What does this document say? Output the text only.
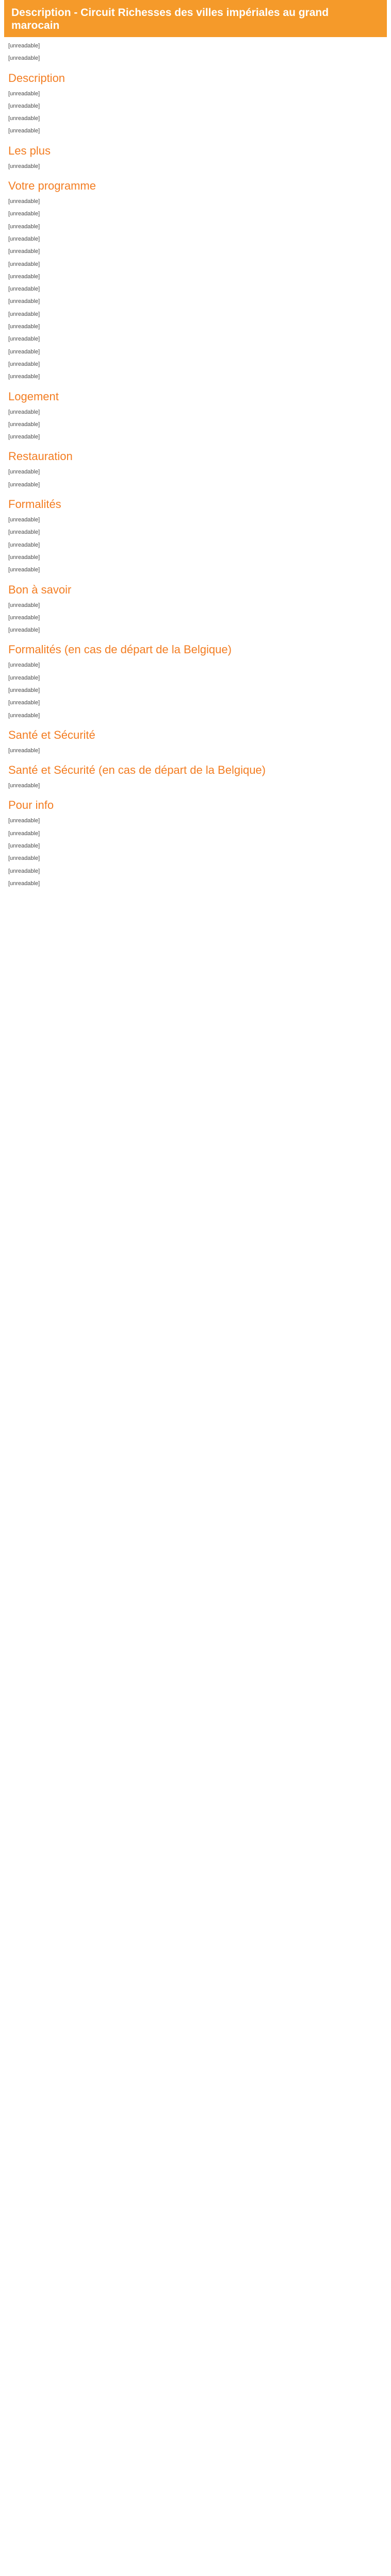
Description - Circuit Richesses des villes impériales au grand marocain
[unreadable]
[unreadable]
Description
[unreadable]
[unreadable]
[unreadable]
[unreadable]
Les plus
[unreadable]
Votre programme
[unreadable]
[unreadable]
[unreadable]
[unreadable]
[unreadable]
[unreadable]
[unreadable]
[unreadable]
[unreadable]
[unreadable]
[unreadable]
[unreadable]
[unreadable]
[unreadable]
[unreadable]
Logement
[unreadable]
[unreadable]
[unreadable]
Restauration
[unreadable]
[unreadable]
Formalités
[unreadable]
[unreadable]
[unreadable]
[unreadable]
[unreadable]
Bon à savoir
[unreadable]
[unreadable]
[unreadable]
Formalités (en cas de départ de la Belgique)
[unreadable]
[unreadable]
[unreadable]
[unreadable]
[unreadable]
Santé et Sécurité
[unreadable]
Santé et Sécurité (en cas de départ de la Belgique)
[unreadable]
Pour info
[unreadable]
[unreadable]
[unreadable]
[unreadable]
[unreadable]
[unreadable]
